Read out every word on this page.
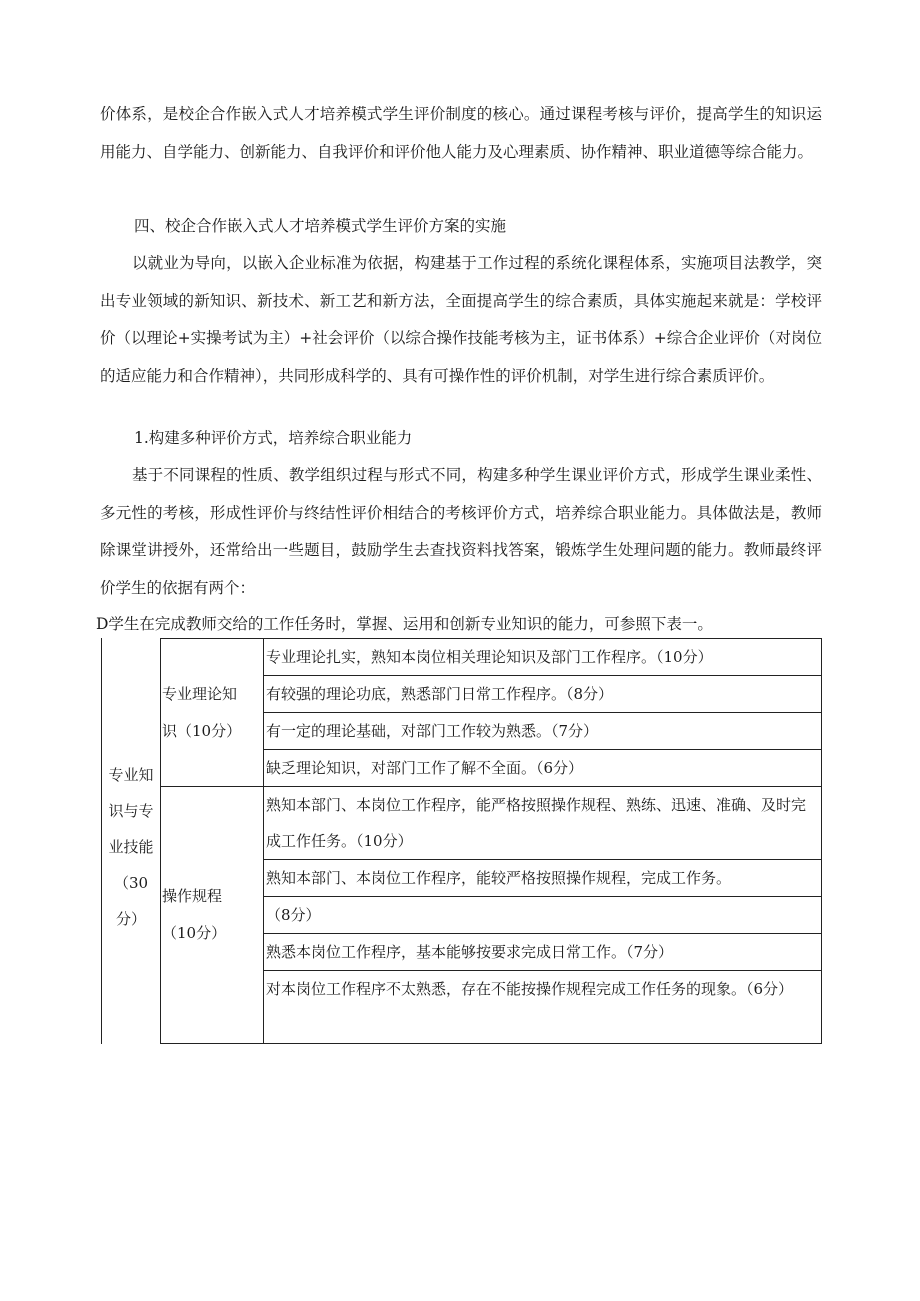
价体系，是校企合作嵌入式人才培养模式学生评价制度的核心。通过课程考核与评价，提高学生的知识运用能力、自学能力、创新能力、自我评价和评价他人能力及心理素质、协作精神、职业道德等综合能力。

四、校企合作嵌入式人才培养模式学生评价方案的实施

以就业为导向，以嵌入企业标准为依据，构建基于工作过程的系统化课程体系，实施项目法教学，突出专业领域的新知识、新技术、新工艺和新方法，全面提高学生的综合素质，具体实施起来就是：学校评价（以理论+实操考试为主）+社会评价（以综合操作技能考核为主，证书体系）+综合企业评价（对岗位的适应能力和合作精神），共同形成科学的、具有可操作性的评价机制，对学生进行综合素质评价。

1.构建多种评价方式，培养综合职业能力

基于不同课程的性质、教学组织过程与形式不同，构建多种学生课业评价方式，形成学生课业柔性、多元性的考核，形成性评价与终结性评价相结合的考核评价方式，培养综合职业能力。具体做法是，教师除课堂讲授外，还常给出一些题目，鼓励学生去查找资料找答案，锻炼学生处理问题的能力。教师最终评价学生的依据有两个：

D学生在完成教师交给的工作任务时，掌握、运用和创新专业知识的能力，可参照下表一。

专业知
识与专
业技能
（30
分）
专业理论知
识（10分）
专业理论扎实，熟知本岗位相关理论知识及部门工作程序。（10分）
有较强的理论功底，熟悉部门日常工作程序。（8分）
有一定的理论基础，对部门工作较为熟悉。（7分）
缺乏理论知识，对部门工作了解不全面。（6分）
操作规程
（10分）
熟知本部门、本岗位工作程序，能严格按照操作规程、熟练、迅速、准确、及时完成工作任务。（10分）
熟知本部门、本岗位工作程序，能较严格按照操作规程，完成工作务。
（8分）
熟悉本岗位工作程序，基本能够按要求完成日常工作。（7分）
对本岗位工作程序不太熟悉，存在不能按操作规程完成工作任务的现象。（6分）
